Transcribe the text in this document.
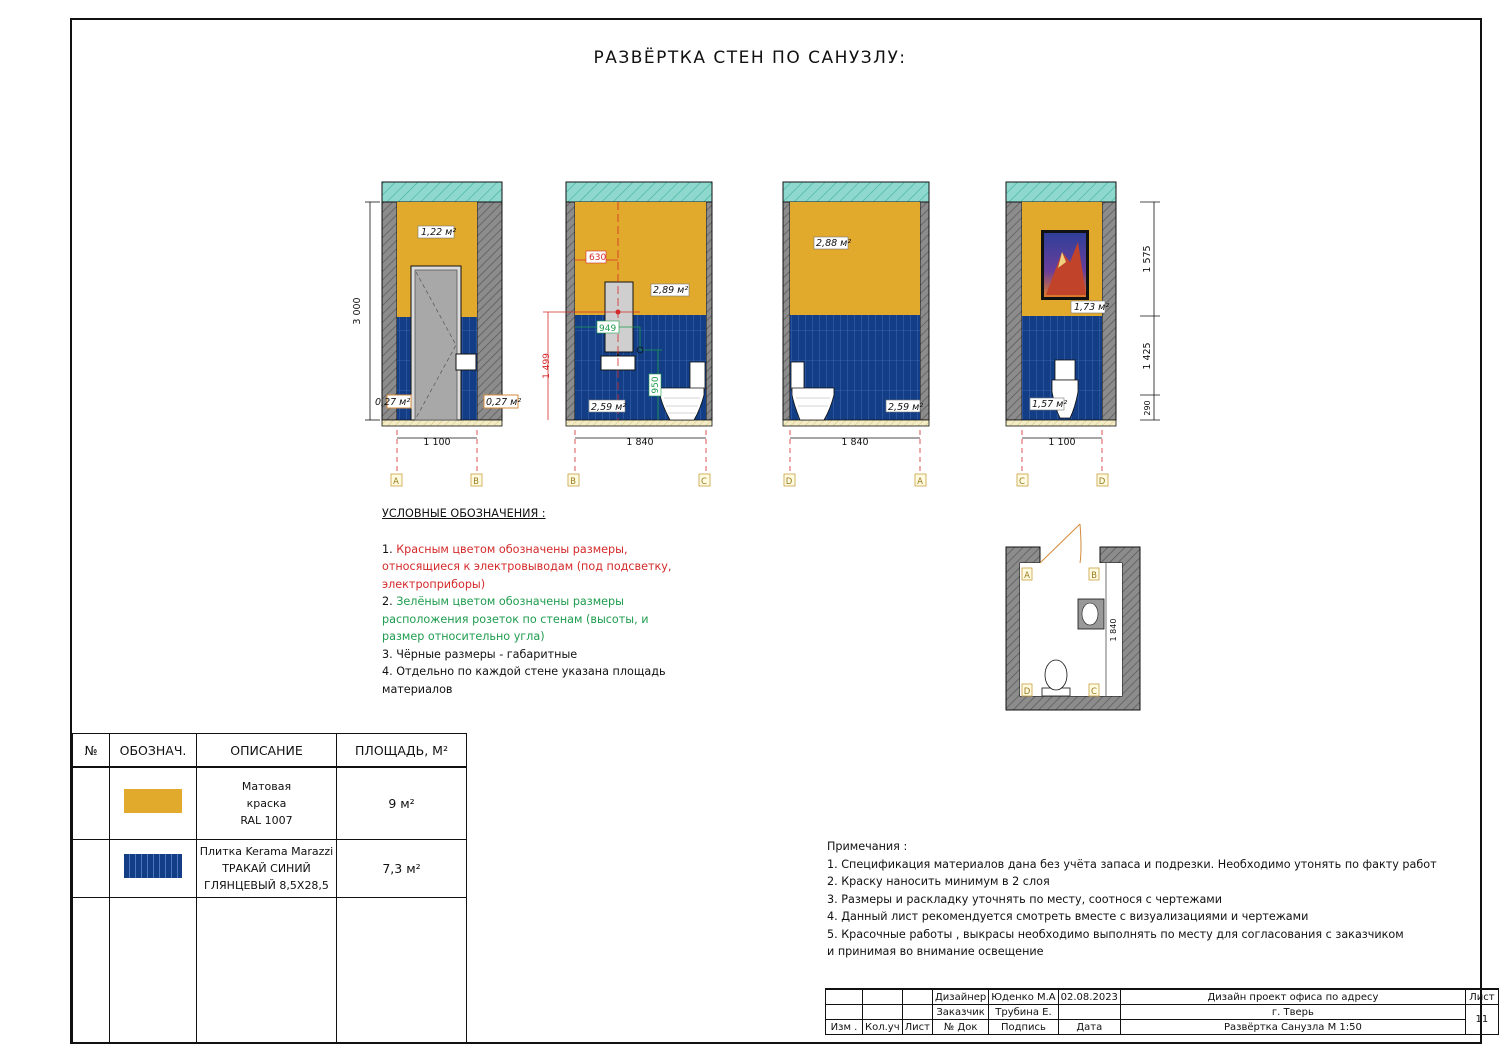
РАЗВЁРТКА СТЕН ПО САНУЗЛУ:
1,22 м²
0,27 м²	0,27 м²
2,89 м²
2,59 м²
2,88 м²
2,59 м²
1,73 м²
1,57 м²
3 000
1 100	1 840	1 840	1 100
1 575
1 425
290
1 840
630
1 499
949
950
А	B	B	C	D	A	C	D
A	B
C
D
УСЛОВНЫЕ ОБОЗНАЧЕНИЯ :
1. Красным цветом обозначены размеры, относящиеся к электровыводам (под подсветку, электроприборы)
2. Зелёным цветом обозначены размеры расположения розеток по стенам (высоты, и размер относительно угла)
3. Чёрные размеры - габаритные
4. Отдельно по каждой стене указана площадь материалов
№	ОБОЗНАЧ.	ОПИСАНИЕ	ПЛОЩАДЬ, М²

		Матовая
краска
RAL 1007	9 м²

		Плитка Kerama Marazzi
ТРАКАЙ СИНИЙ
ГЛЯНЦЕВЫЙ 8,5Х28,5	7,3 м²

Примечания :
1. Спецификация материалов дана без учёта запаса и подрезки. Необходимо утонять по факту работ
2. Краску наносить минимум в 2 слоя
3. Размеры и раскладку уточнять по месту, соотнося с чертежами
4. Данный лист рекомендуется смотреть вместе с визуализациями и чертежами
5. Красочные работы , выкрасы необходимо выполнять по месту для согласования с заказчиком
и принимая во внимание освещение
			Дизайнер	Юденко М.А	02.08.2023	Дизайн проект офиса по адресу	Лист
			Заказчик	Трубина Е.		г. Тверь	11
Изм .	Кол.уч	Лист	№ Док	Подпись	Дата	Развёртка Санузла М 1:50	
